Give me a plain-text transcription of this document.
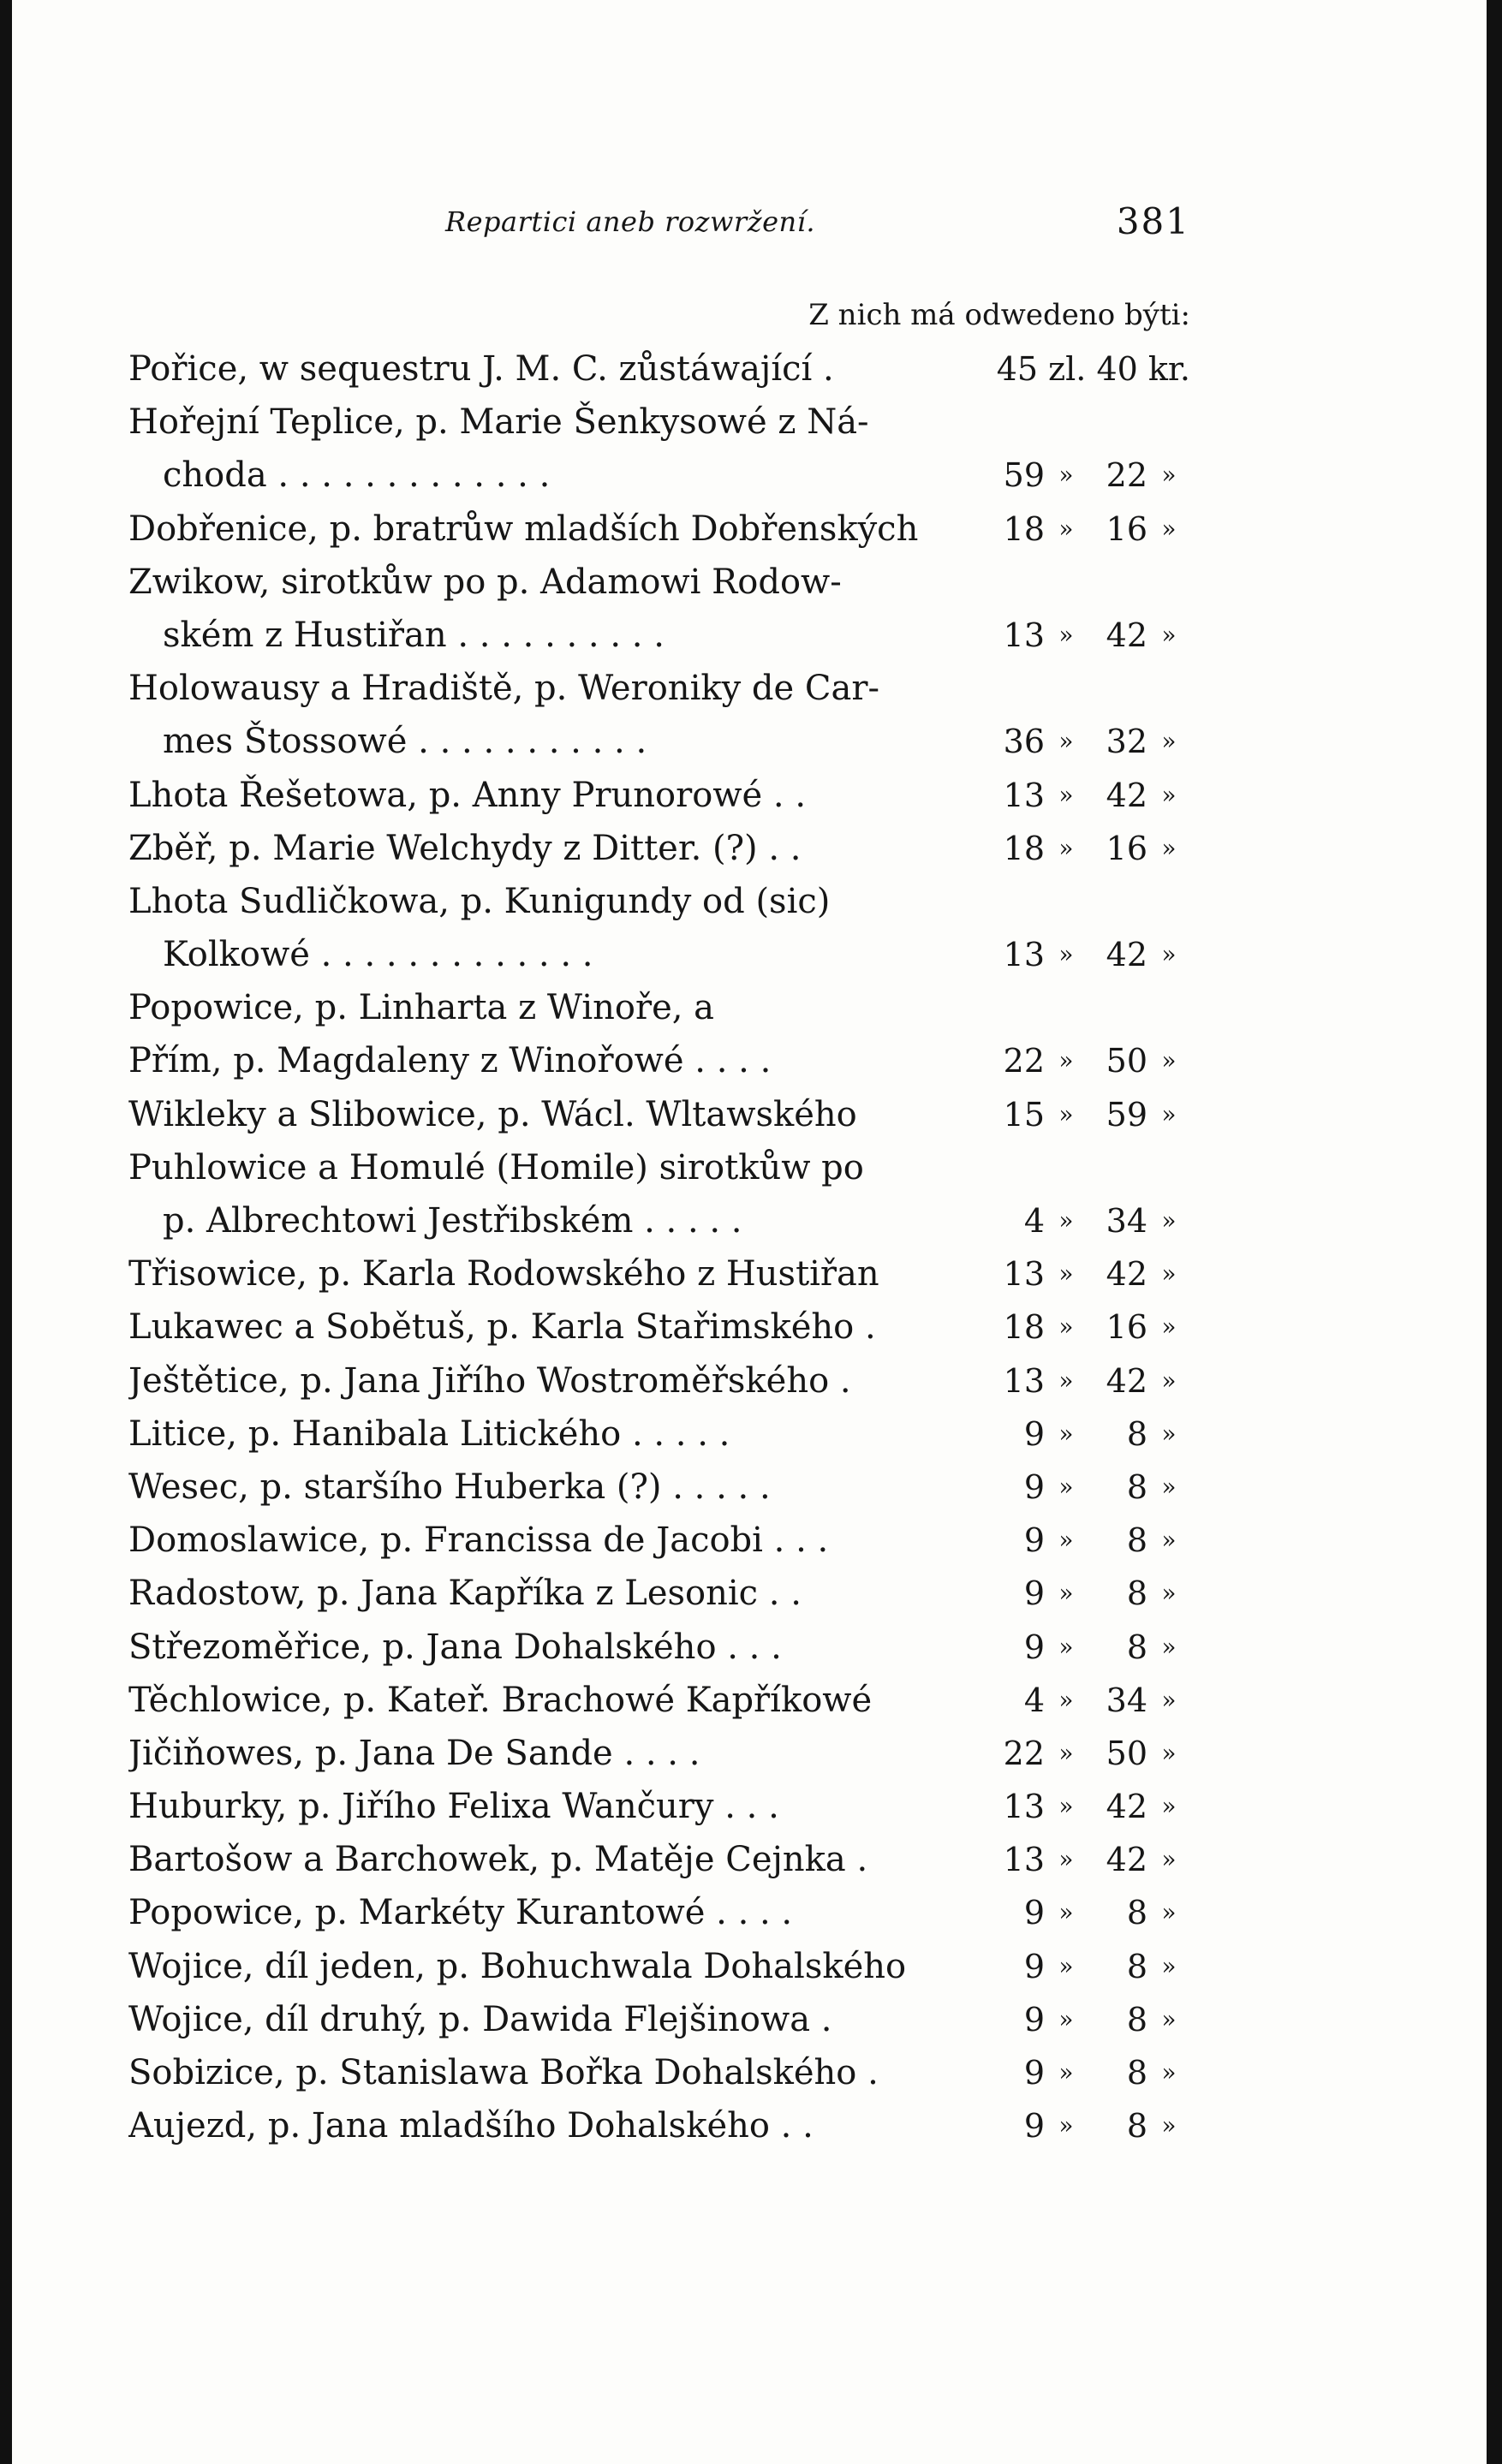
Repartici aneb rozwržení.	381
Z nich má odwedeno býti:
Pořice, w sequestru J. M. C. zůstáwající .	45 zl. 40 kr.
Hořejní Teplice, p. Marie Šenkysowé z Ná-
choda . . . . . . . . . . . . .	59 »	22 »
Dobřenice, p. bratrůw mladších Dobřenských	18 »	16 »
Zwikow, sirotkůw po p. Adamowi Rodow-
ském z Hustiřan . . . . . . . . . .	13 »	42 »
Holowausy a Hradiště, p. Weroniky de Car-
mes Štossowé . . . . . . . . . . .	36 »	32 »
Lhota Řešetowa, p. Anny Prunorowé . .	13 »	42 »
Zběř, p. Marie Welchydy z Ditter. (?) . .	18 »	16 »
Lhota Sudličkowa, p. Kunigundy od (sic)
Kolkowé . . . . . . . . . . . . .	13 »	42 »
Popowice, p. Linharta z Winoře, a
Přím, p. Magdaleny z Winořowé . . . .	22 »	50 »
Wikleky a Slibowice, p. Wácl. Wltawského	15 »	59 »
Puhlowice a Homulé (Homile) sirotkůw po
p. Albrechtowi Jestřibském . . . . .	4 »	34 »
Třisowice, p. Karla Rodowského z Hustiřan	13 »	42 »
Lukawec a Sobětuš, p. Karla Stařimského .	18 »	16 »
Ještětice, p. Jana Jiřího Wostroměřského .	13 »	42 »
Litice, p. Hanibala Litického . . . . .	9 »	8 »
Wesec, p. staršího Huberka (?) . . . . .	9 »	8 »
Domoslawice, p. Francissa de Jacobi . . .	9 »	8 »
Radostow, p. Jana Kapříka z Lesonic . .	9 »	8 »
Střezoměřice, p. Jana Dohalského . . .	9 »	8 »
Těchlowice, p. Kateř. Brachowé Kapříkowé	4 »	34 »
Jičiňowes, p. Jana De Sande . . . .	22 »	50 »
Huburky, p. Jiřího Felixa Wančury . . .	13 »	42 »
Bartošow a Barchowek, p. Matěje Cejnka .	13 »	42 »
Popowice, p. Markéty Kurantowé . . . .	9 »	8 »
Wojice, díl jeden, p. Bohuchwala Dohalského	9 »	8 »
Wojice, díl druhý, p. Dawida Flejšinowa .	9 »	8 »
Sobizice, p. Stanislawa Bořka Dohalského .	9 »	8 »
Aujezd, p. Jana mladšího Dohalského . .	9 »	8 »
